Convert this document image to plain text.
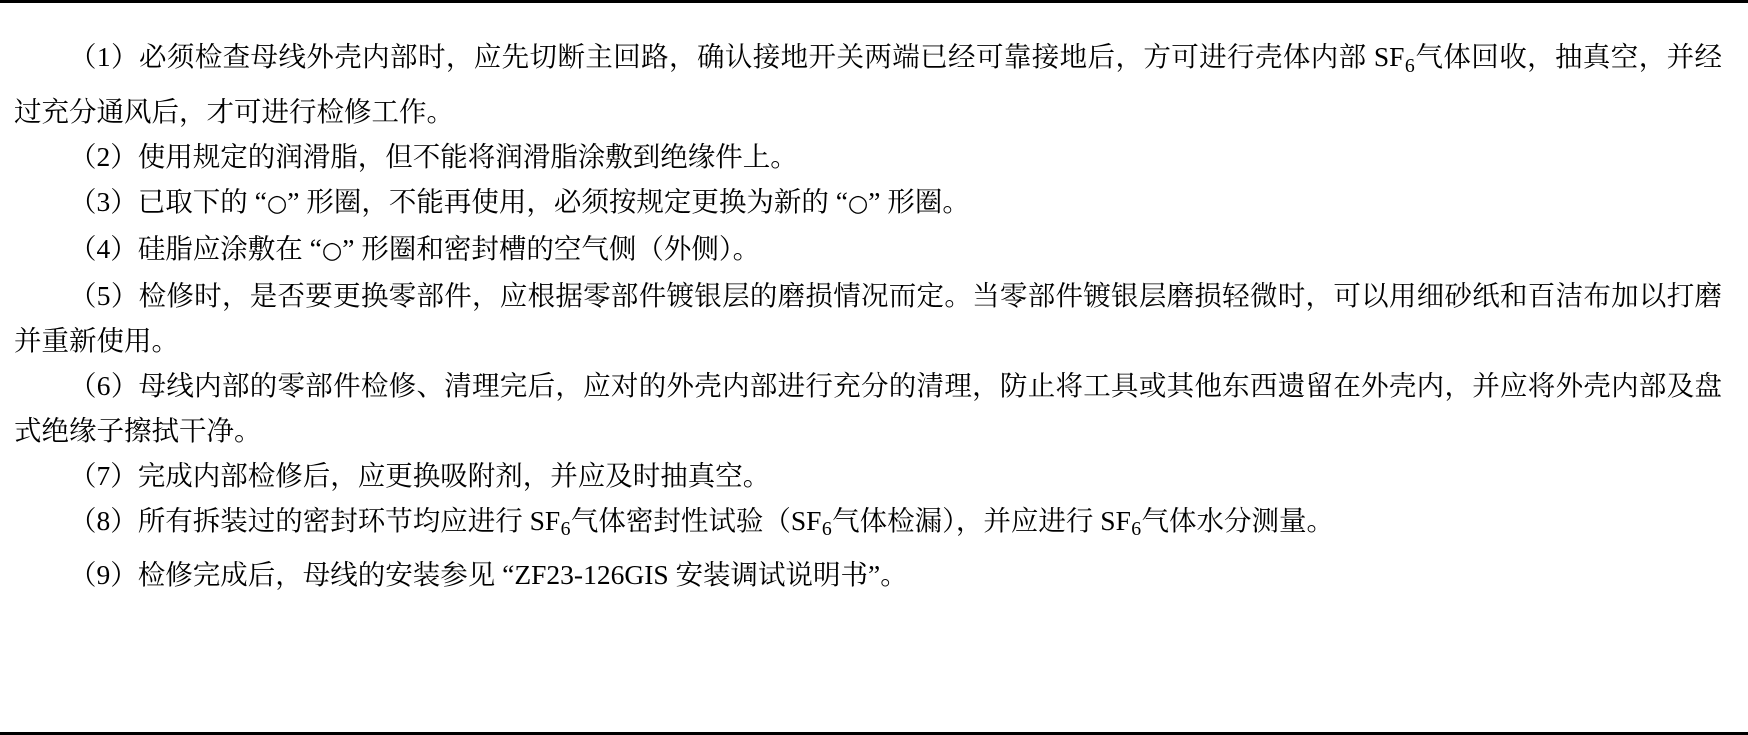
（1）必须检查母线外壳内部时，应先切断主回路，确认接地开关两端已经可靠接地后，方可进行壳体内部 $SF_6$气体回收，抽真空，并经过充分通风后，才可进行检修工作。

（2）使用规定的润滑脂，但不能将润滑脂涂敷到绝缘件上。

（3）已取下的 “○” 形圈，不能再使用，必须按规定更换为新的 “○” 形圈。

（4）硅脂应涂敷在 “○” 形圈和密封槽的空气侧（外侧）。

（5）检修时，是否要更换零部件，应根据零部件镀银层的磨损情况而定。当零部件镀银层磨损轻微时，可以用细砂纸和百洁布加以打磨并重新使用。

（6）母线内部的零部件检修、清理完后，应对的外壳内部进行充分的清理，防止将工具或其他东西遗留在外壳内，并应将外壳内部及盘式绝缘子擦拭干净。

（7）完成内部检修后，应更换吸附剂，并应及时抽真空。

（8）所有拆装过的密封环节均应进行 $SF_6$气体密封性试验（$SF_6$气体检漏），并应进行 $SF_6$气体水分测量。

（9）检修完成后，母线的安装参见 “ZF23-126GIS 安装调试说明书”。
